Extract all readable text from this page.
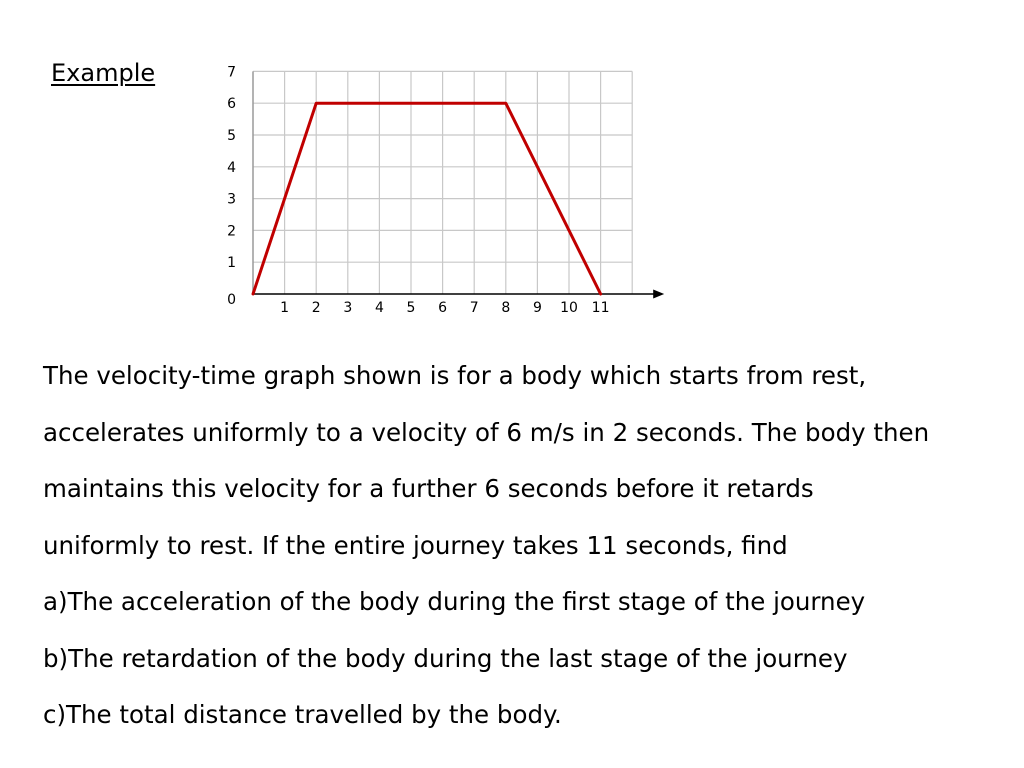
Example
1 2 3 4 5 6 7 8 9 10 11
1
2
3
4
5
6
7
0

The velocity-time graph shown is for a body which starts from rest,

accelerates uniformly to a velocity of 6 m/s in 2 seconds. The body then

maintains this velocity for a further 6 seconds before it retards

uniformly to rest. If the entire journey takes 11 seconds, find

a)The acceleration of the body during the first stage of the journey

b)The retardation of the body during the last stage of the journey

c)The total distance travelled by the body.
